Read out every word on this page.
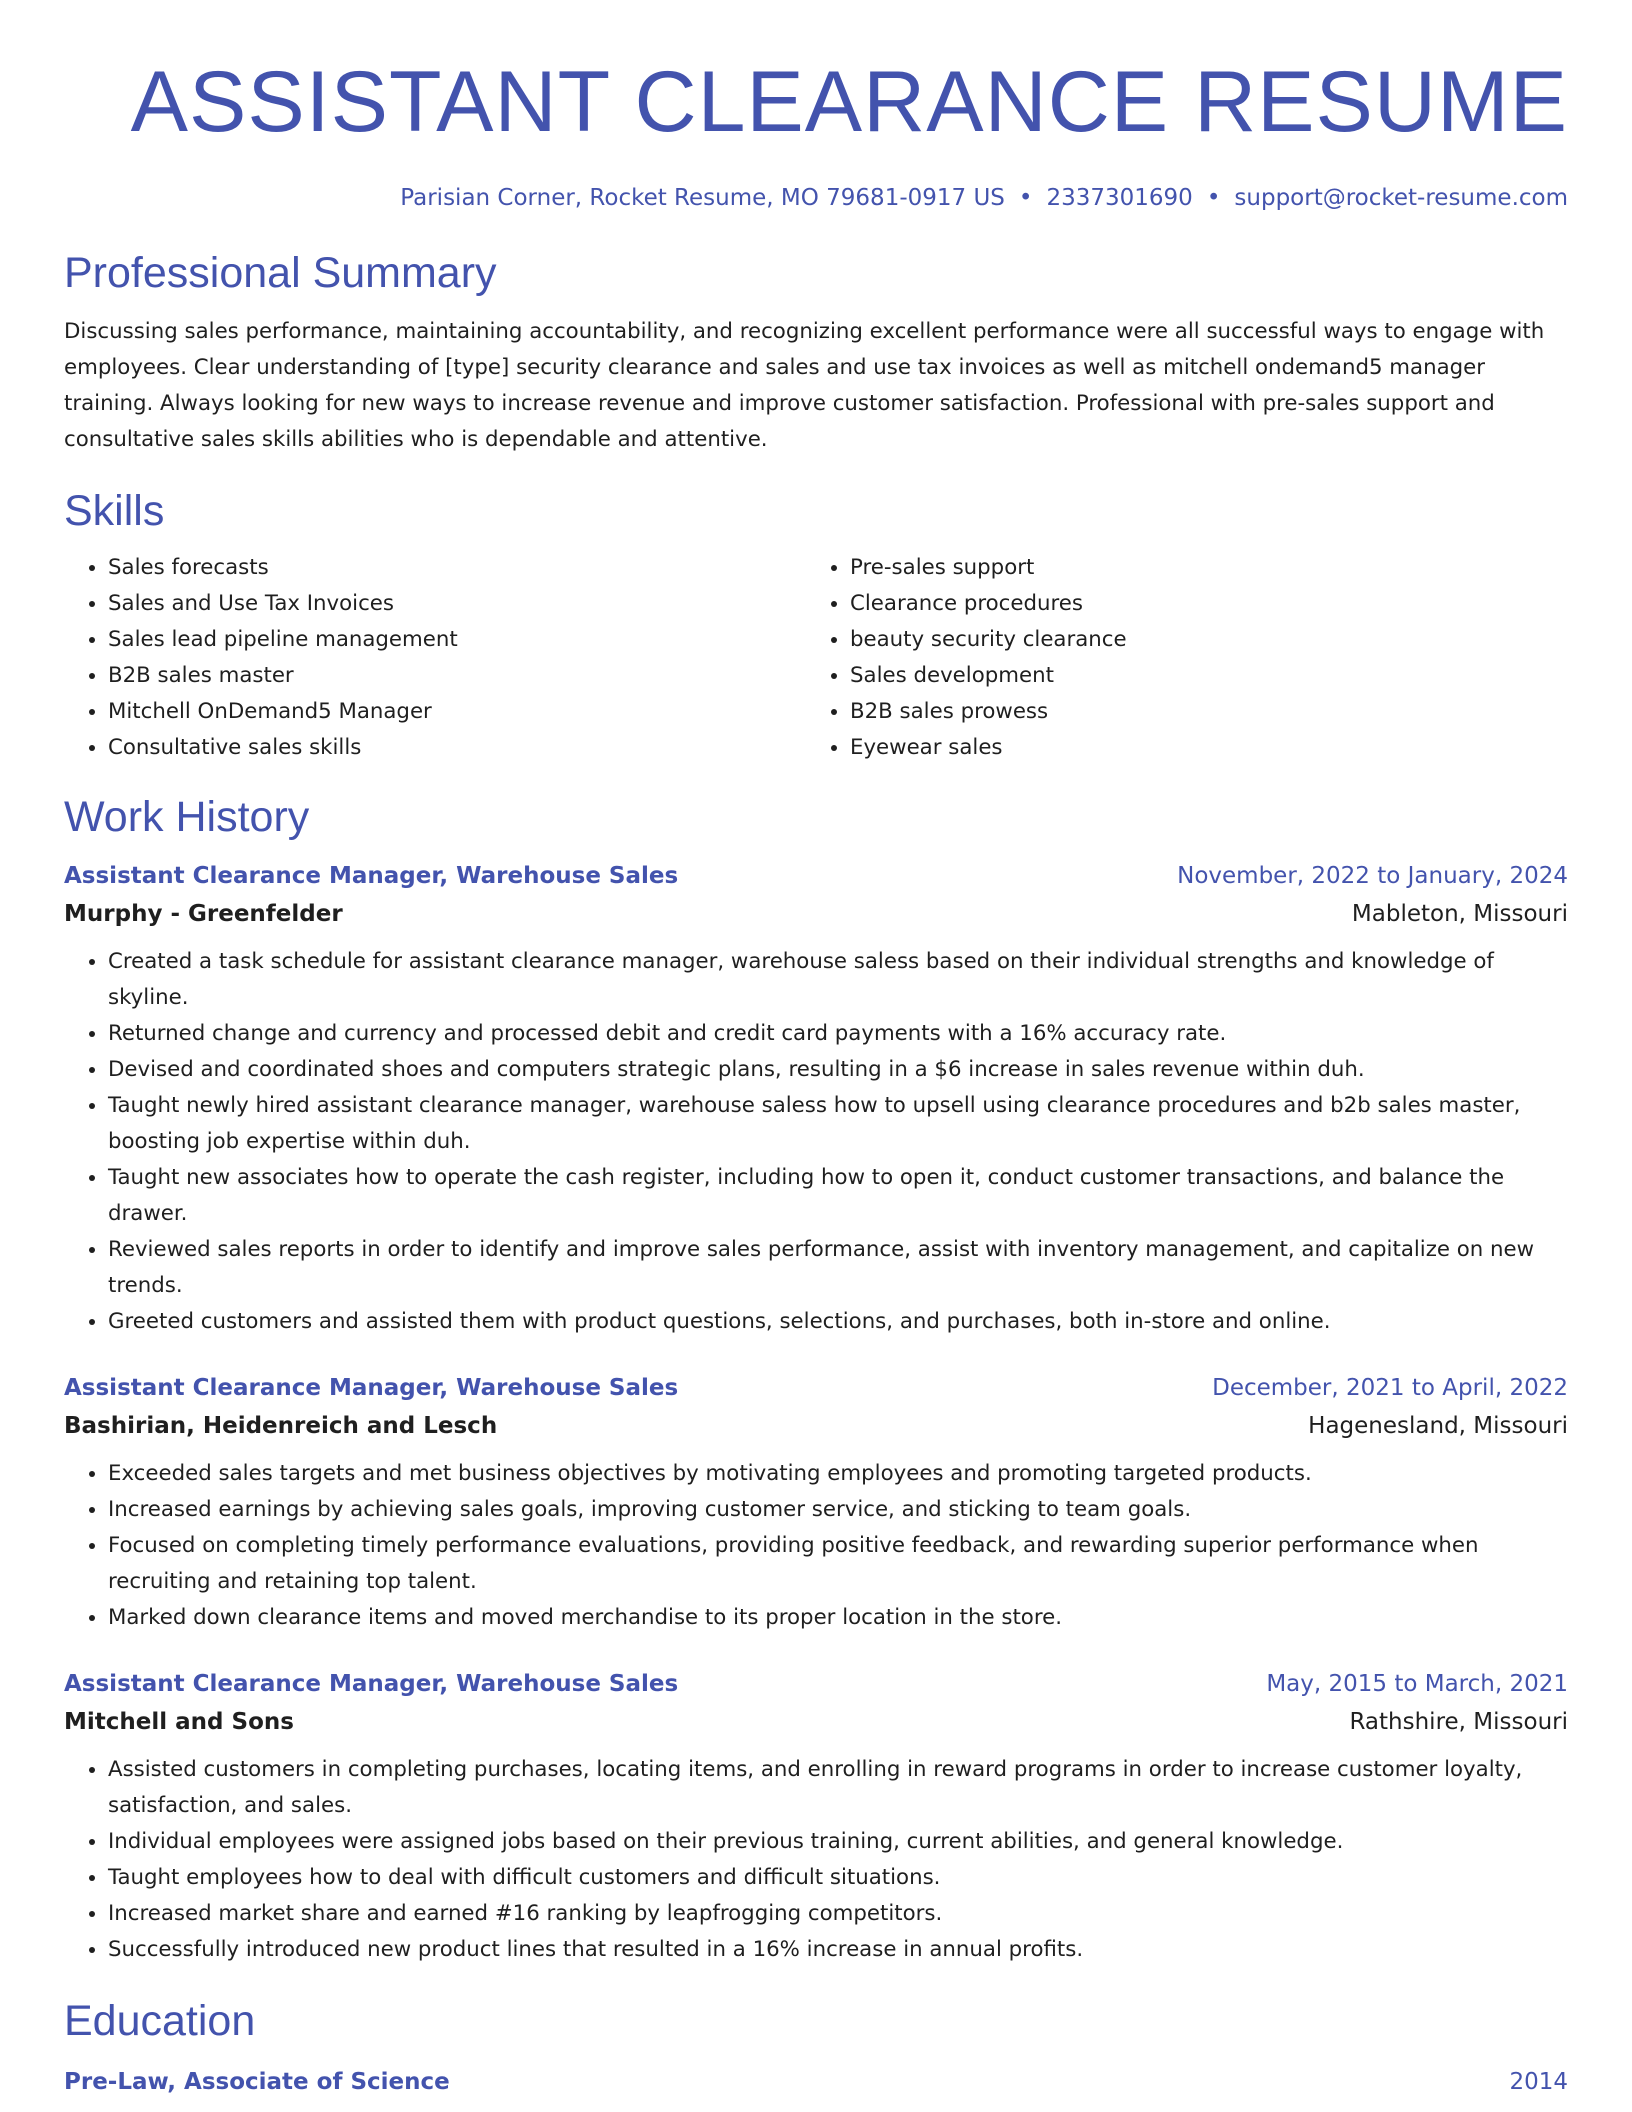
ASSISTANT CLEARANCE RESUME
Parisian Corner, Rocket Resume, MO 79681-0917 US • 2337301690 • support@rocket-resume.com
Professional Summary

Discussing sales performance, maintaining accountability, and recognizing excellent performance were all successful ways to engage with employees. Clear understanding of [type] security clearance and sales and use tax invoices as well as mitchell ondemand5 manager training. Always looking for new ways to increase revenue and improve customer satisfaction. Professional with pre-sales support and consultative sales skills abilities who is dependable and attentive.

Skills
• Sales forecasts
• Sales and Use Tax Invoices
• Sales lead pipeline management
• B2B sales master
• Mitchell OnDemand5 Manager
• Consultative sales skills
• Pre-sales support
• Clearance procedures
• beauty security clearance
• Sales development
• B2B sales prowess
• Eyewear sales
Work History
Assistant Clearance Manager, Warehouse Sales	November, 2022 to January, 2024
Murphy - Greenfelder	Mableton, Missouri
• Created a task schedule for assistant clearance manager, warehouse saless based on their individual strengths and knowledge of skyline.
• Returned change and currency and processed debit and credit card payments with a 16% accuracy rate.
• Devised and coordinated shoes and computers strategic plans, resulting in a $6 increase in sales revenue within duh.
• Taught newly hired assistant clearance manager, warehouse saless how to upsell using clearance procedures and b2b sales master, boosting job expertise within duh.
• Taught new associates how to operate the cash register, including how to open it, conduct customer transactions, and balance the drawer.
• Reviewed sales reports in order to identify and improve sales performance, assist with inventory management, and capitalize on new trends.
• Greeted customers and assisted them with product questions, selections, and purchases, both in-store and online.
Assistant Clearance Manager, Warehouse Sales	December, 2021 to April, 2022
Bashirian, Heidenreich and Lesch	Hagenesland, Missouri
• Exceeded sales targets and met business objectives by motivating employees and promoting targeted products.
• Increased earnings by achieving sales goals, improving customer service, and sticking to team goals.
• Focused on completing timely performance evaluations, providing positive feedback, and rewarding superior performance when recruiting and retaining top talent.
• Marked down clearance items and moved merchandise to its proper location in the store.
Assistant Clearance Manager, Warehouse Sales	May, 2015 to March, 2021
Mitchell and Sons	Rathshire, Missouri
• Assisted customers in completing purchases, locating items, and enrolling in reward programs in order to increase customer loyalty, satisfaction, and sales.
• Individual employees were assigned jobs based on their previous training, current abilities, and general knowledge.
• Taught employees how to deal with difficult customers and difficult situations.
• Increased market share and earned #16 ranking by leapfrogging competitors.
• Successfully introduced new product lines that resulted in a 16% increase in annual profits.
Education
Pre-Law, Associate of Science	2014
